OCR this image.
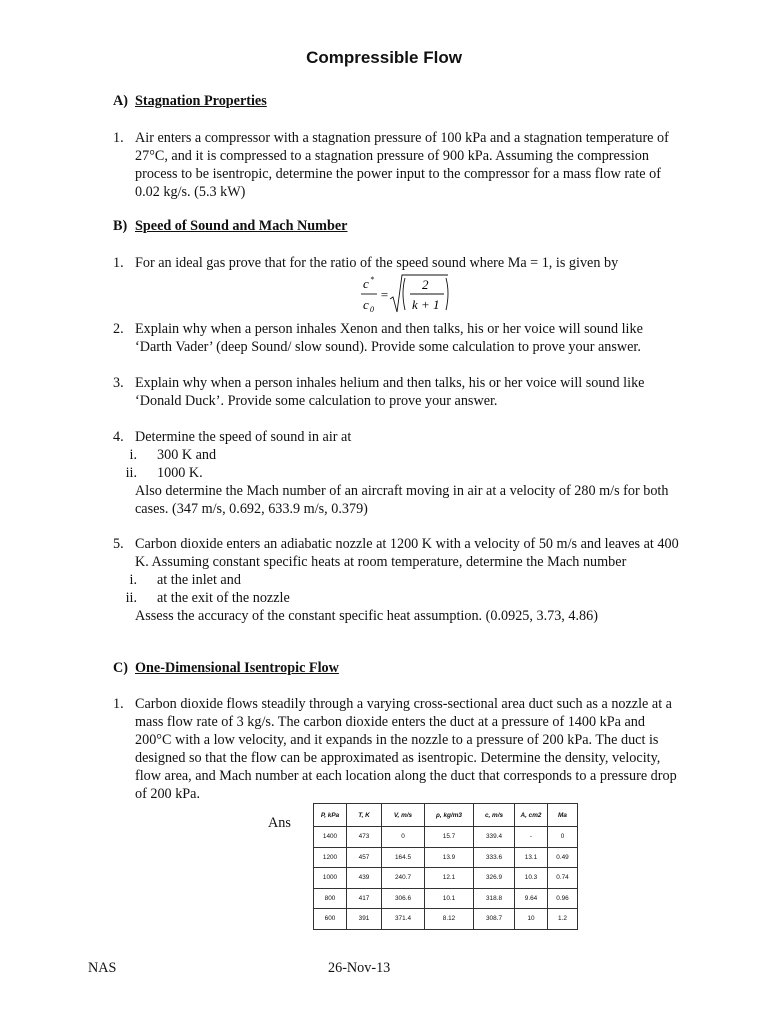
Compressible Flow
A) Stagnation Properties
1. Air enters a compressor with a stagnation pressure of 100 kPa and a stagnation temperature of 27°C, and it is compressed to a stagnation pressure of 900 kPa. Assuming the compression process to be isentropic, determine the power input to the compressor for a mass flow rate of 0.02 kg/s. (5.3 kW)
B) Speed of Sound and Mach Number
1. For an ideal gas prove that for the ratio of the speed sound where Ma = 1, is given by
c *
c 0
=
2
k + 1
2. Explain why when a person inhales Xenon and then talks, his or her voice will sound like ‘Darth Vader’ (deep Sound/ slow sound). Provide some calculation to prove your answer.
3. Explain why when a person inhales helium and then talks, his or her voice will sound like ‘Donald Duck’. Provide some calculation to prove your answer.
4. Determine the speed of sound in air at
i. 300 K and
ii. 1000 K.
Also determine the Mach number of an aircraft moving in air at a velocity of 280 m/s for both cases. (347 m/s, 0.692, 633.9 m/s, 0.379)
5. Carbon dioxide enters an adiabatic nozzle at 1200 K with a velocity of 50 m/s and leaves at 400 K. Assuming constant specific heats at room temperature, determine the Mach number
i. at the inlet and
ii. at the exit of the nozzle
Assess the accuracy of the constant specific heat assumption. (0.0925, 3.73, 4.86)
C) One-Dimensional Isentropic Flow
1. Carbon dioxide flows steadily through a varying cross-sectional area duct such as a nozzle at a mass flow rate of 3 kg/s. The carbon dioxide enters the duct at a pressure of 1400 kPa and 200°C with a low velocity, and it expands in the nozzle to a pressure of 200 kPa. The duct is designed so that the flow can be approximated as isentropic. Determine the density, velocity, flow area, and Mach number at each location along the duct that corresponds to a pressure drop of 200 kPa.
Ans	P, kPa	T, K	V, m/s	ρ, kg/m3	c, m/s	A, cm2	Ma
1400	473	0	15.7	339.4	-	0
1200	457	164.5	13.9	333.6	13.1	0.49
1000	439	240.7	12.1	326.9	10.3	0.74
800	417	306.6	10.1	318.8	9.64	0.96
600	391	371.4	8.12	308.7	10	1.2
NAS	26-Nov-13
